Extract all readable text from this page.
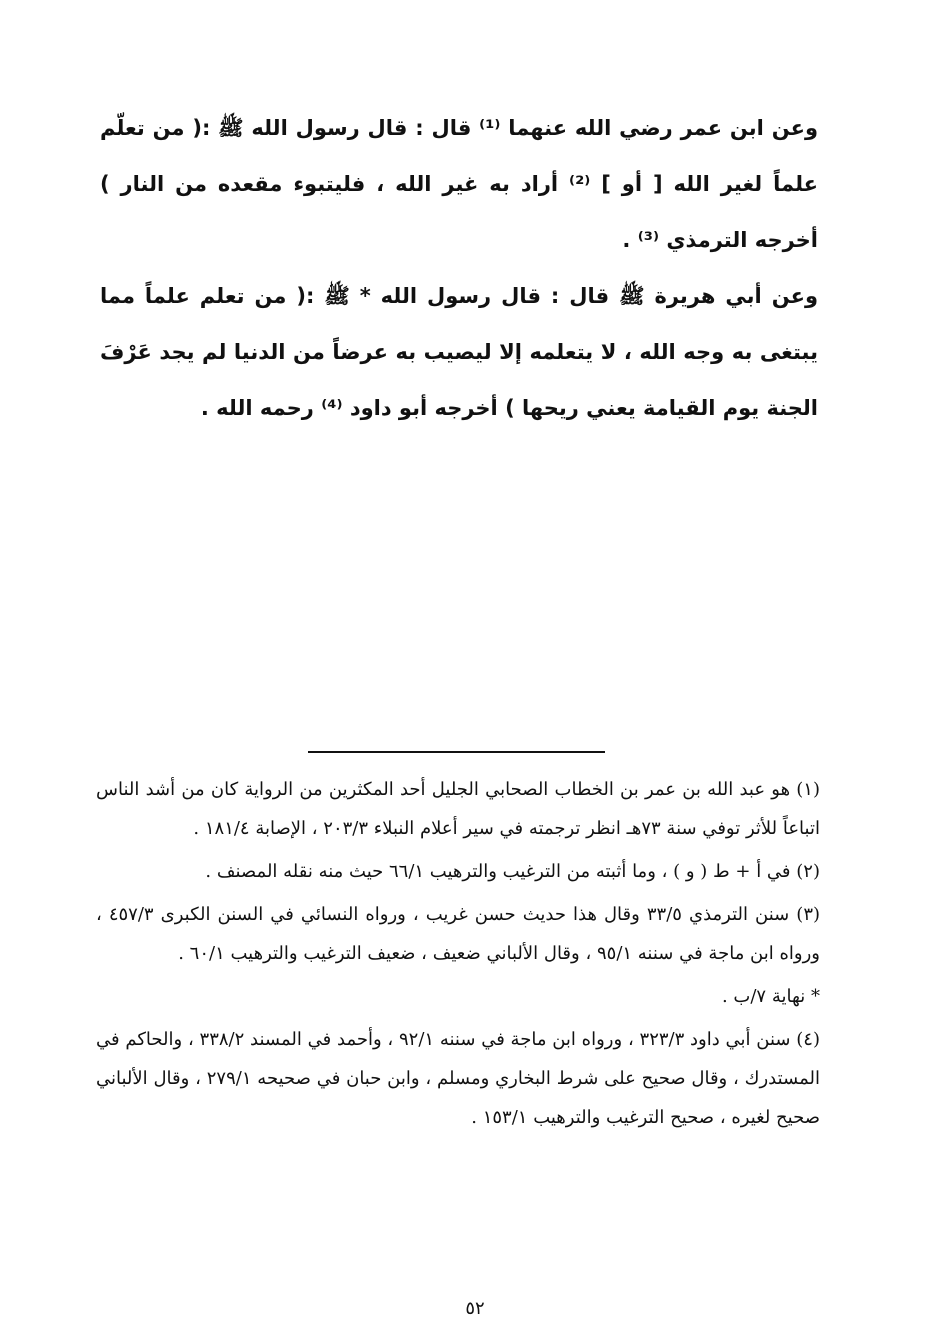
وعن ابن عمر رضي الله عنهما ⁽¹⁾ قال : قال رسول الله ﷺ :( من تعلّم علماً لغير الله [ أو ] ⁽²⁾ أراد به غير الله ، فليتبوء مقعده من النار ) أخرجه الترمذي ⁽³⁾ .

وعن أبي هريرة ﷺ قال : قال رسول الله * ﷺ :( من تعلم علماً مما يبتغى به وجه الله ، لا يتعلمه إلا ليصيب به عرضاً من الدنيا لم يجد عَرْفَ الجنة يوم القيامة يعني ريحها ) أخرجه أبو داود ⁽⁴⁾ رحمه الله .

(١) هو عبد الله بن عمر بن الخطاب الصحابي الجليل أحد المكثرين من الرواية كان من أشد الناس اتباعاً للأثر توفي سنة ٧٣هـ انظر ترجمته في سير أعلام النبلاء ٢٠٣/٣ ، الإصابة ١٨١/٤ .

(٢) في أ + ط ( و ) ، وما أثبته من الترغيب والترهيب ٦٦/١ حيث منه نقله المصنف .

(٣) سنن الترمذي ٣٣/٥ وقال هذا حديث حسن غريب ، ورواه النسائي في السنن الكبرى ٤٥٧/٣ ، ورواه ابن ماجة في سننه ٩٥/١ ، وقال الألباني ضعيف ، ضعيف الترغيب والترهيب ٦٠/١ .

* نهاية ٧/ب .

(٤) سنن أبي داود ٣٢٣/٣ ، ورواه ابن ماجة في سننه ٩٢/١ ، وأحمد في المسند ٣٣٨/٢ ، والحاكم في المستدرك ، وقال صحيح على شرط البخاري ومسلم ، وابن حبان في صحيحه ٢٧٩/١ ، وقال الألباني صحيح لغيره ، صحيح الترغيب والترهيب ١٥٣/١ .

٥٢
